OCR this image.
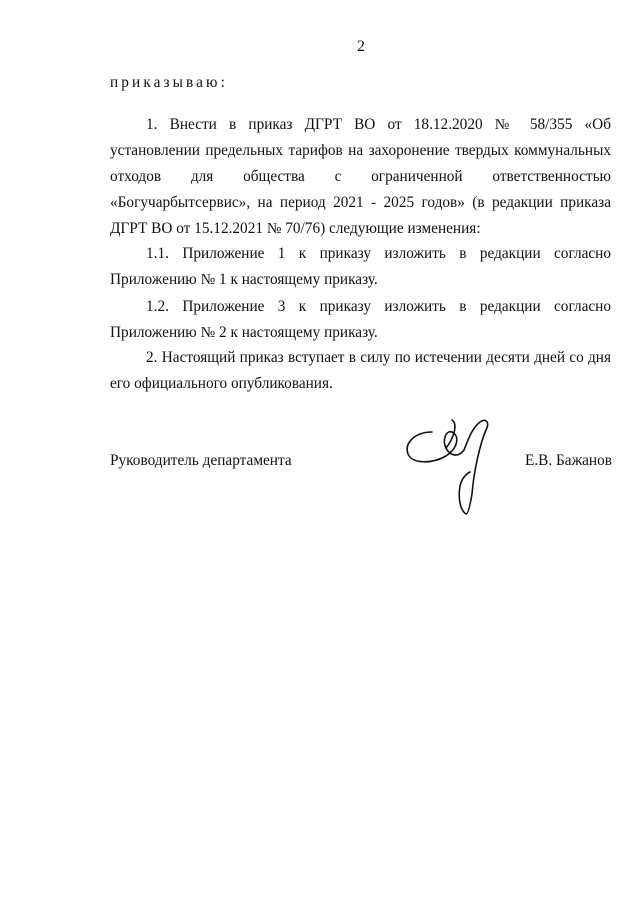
2
приказываю:
1. Внести в приказ ДГРТ ВО от 18.12.2020 № 58/355 «Об установлении предельных тарифов на захоронение твердых коммунальных отходов для общества с ограниченной ответственностью «Богучарбытсервис», на период 2021 - 2025 годов» (в редакции приказа ДГРТ ВО от 15.12.2021 № 70/76) следующие изменения:
1.1. Приложение 1 к приказу изложить в редакции согласно Приложению № 1 к настоящему приказу.
1.2. Приложение 3 к приказу изложить в редакции согласно Приложению № 2 к настоящему приказу.
2. Настоящий приказ вступает в силу по истечении десяти дней со дня его официального опубликования.
Руководитель департамента	Е.В. Бажанов
